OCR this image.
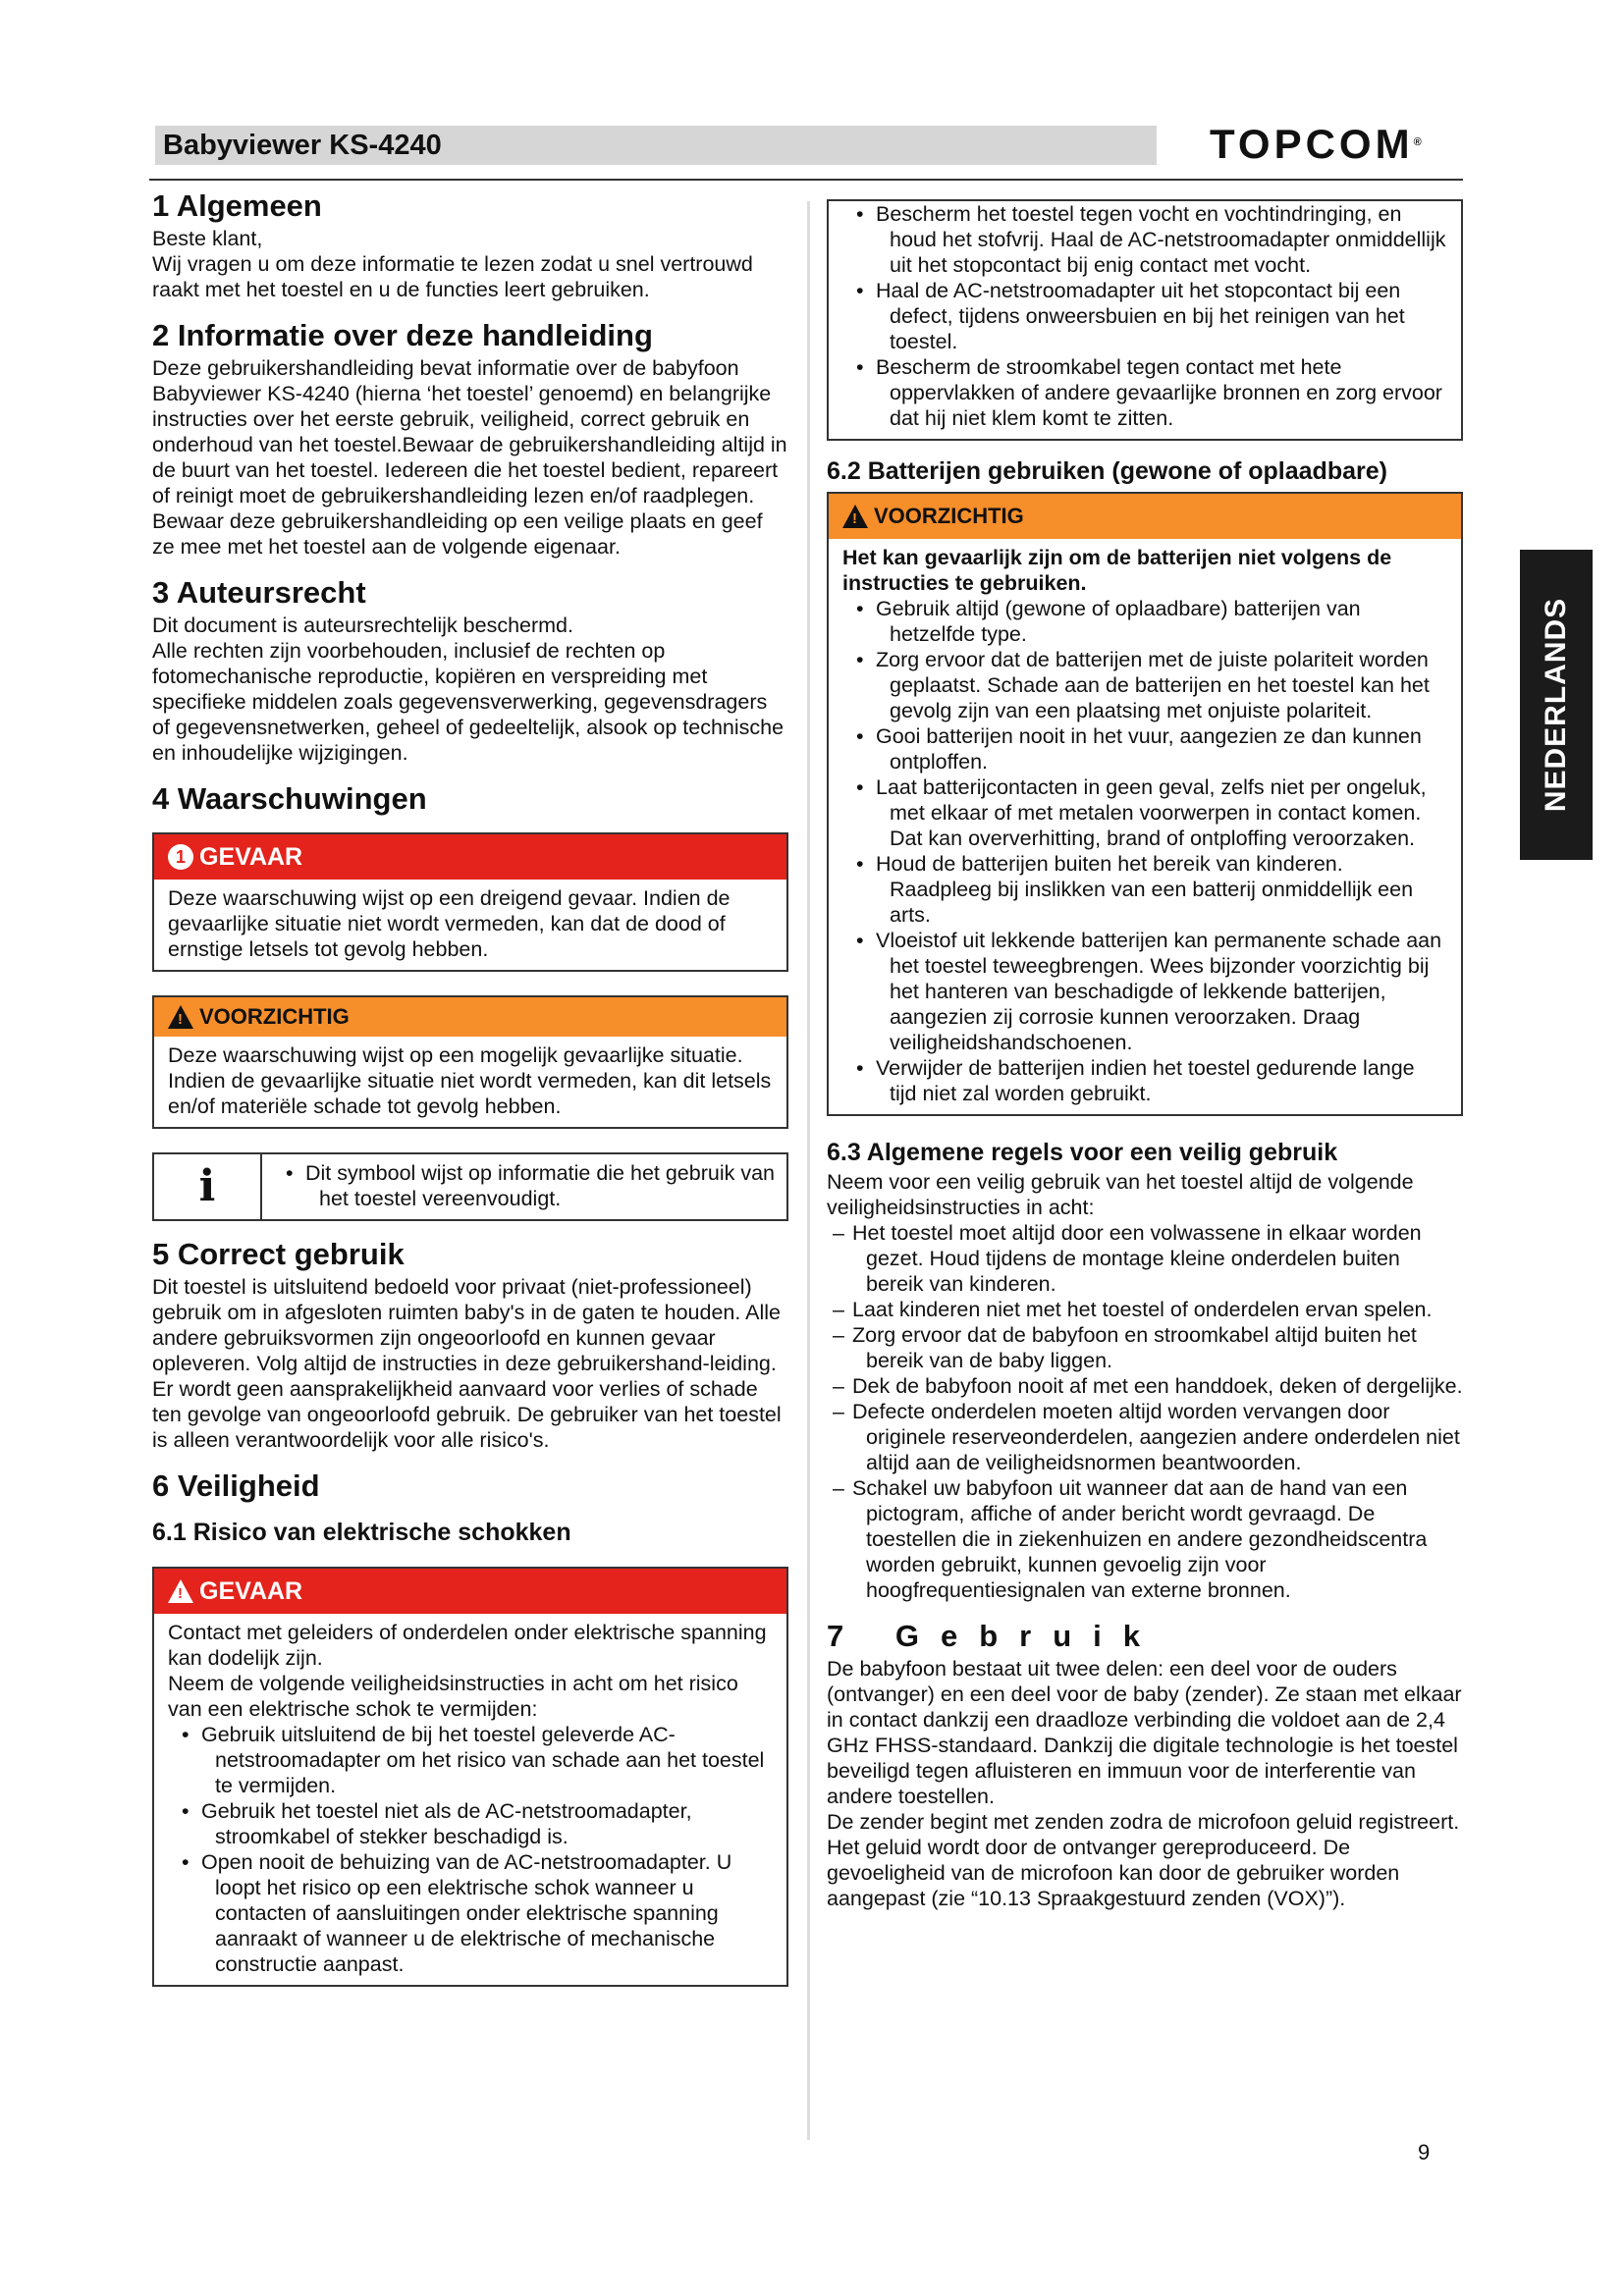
Babyviewer KS-4240	TOPCOM®
NEDERLANDS
1 Algemeen

Beste klant,

Wij vragen u om deze informatie te lezen zodat u snel vertrouwd raakt met het toestel en u de functies leert gebruiken.

2 Informatie over deze handleiding

Deze gebruikershandleiding bevat informatie over de babyfoon Babyviewer KS-4240 (hierna ‘het toestel’ genoemd) en belangrijke instructies over het eerste gebruik, veiligheid, correct gebruik en onderhoud van het toestel.Bewaar de gebruikershandleiding altijd in de buurt van het toestel. Iedereen die het toestel bedient, repareert of reinigt moet de gebruikershandleiding lezen en/of raadplegen. Bewaar deze gebruikershandleiding op een veilige plaats en geef ze mee met het toestel aan de volgende eigenaar.

3 Auteursrecht

Dit document is auteursrechtelijk beschermd.

Alle rechten zijn voorbehouden, inclusief de rechten op fotomechanische reproductie, kopiëren en verspreiding met specifieke middelen zoals gegevensverwerking, gegevensdragers of gegevensnetwerken, geheel of gedeeltelijk, alsook op technische en inhoudelijke wijzigingen.

4 Waarschuwingen
1 GEVAAR
Deze waarschuwing wijst op een dreigend gevaar. Indien de gevaarlijke situatie niet wordt vermeden, kan dat de dood of ernstige letsels tot gevolg hebben.
! VOORZICHTIG
Deze waarschuwing wijst op een mogelijk gevaarlijke situatie. Indien de gevaarlijke situatie niet wordt vermeden, kan dit letsels en/of materiële schade tot gevolg hebben.
i
•	Dit symbool wijst op informatie die het gebruik van het toestel vereenvoudigt.
5 Correct gebruik

Dit toestel is uitsluitend bedoeld voor privaat (niet-professioneel) gebruik om in afgesloten ruimten baby's in de gaten te houden. Alle andere gebruiksvormen zijn ongeoorloofd en kunnen gevaar opleveren. Volg altijd de instructies in deze gebruikershand-leiding. Er wordt geen aansprakelijkheid aanvaard voor verlies of schade ten gevolge van ongeoorloofd gebruik. De gebruiker van het toestel is alleen verantwoordelijk voor alle risico's.

6 Veiligheid
6.1 Risico van elektrische schokken
! GEVAAR

Contact met geleiders of onderdelen onder elektrische spanning kan dodelijk zijn.

Neem de volgende veiligheidsinstructies in acht om het risico van een elektrische schok te vermijden:

• Gebruik uitsluitend de bij het toestel geleverde AC-netstroomadapter om het risico van schade aan het toestel te vermijden.
• Gebruik het toestel niet als de AC-netstroomadapter, stroomkabel of stekker beschadigd is.
• Open nooit de behuizing van de AC-netstroomadapter. U loopt het risico op een elektrische schok wanneer u contacten of aansluitingen onder elektrische spanning aanraakt of wanneer u de elektrische of mechanische constructie aanpast.
• Bescherm het toestel tegen vocht en vochtindringing, en houd het stofvrij. Haal de AC-netstroomadapter onmiddellijk uit het stopcontact bij enig contact met vocht.
• Haal de AC-netstroomadapter uit het stopcontact bij een defect, tijdens onweersbuien en bij het reinigen van het toestel.
• Bescherm de stroomkabel tegen contact met hete oppervlakken of andere gevaarlijke bronnen en zorg ervoor dat hij niet klem komt te zitten.
6.2 Batterijen gebruiken (gewone of oplaadbare)
! VOORZICHTIG

Het kan gevaarlijk zijn om de batterijen niet volgens de instructies te gebruiken.

• Gebruik altijd (gewone of oplaadbare) batterijen van hetzelfde type.
• Zorg ervoor dat de batterijen met de juiste polariteit worden geplaatst. Schade aan de batterijen en het toestel kan het gevolg zijn van een plaatsing met onjuiste polariteit.
• Gooi batterijen nooit in het vuur, aangezien ze dan kunnen ontploffen.
• Laat batterijcontacten in geen geval, zelfs niet per ongeluk, met elkaar of met metalen voorwerpen in contact komen. Dat kan oververhitting, brand of ontploffing veroorzaken.
• Houd de batterijen buiten het bereik van kinderen. Raadpleeg bij inslikken van een batterij onmiddellijk een arts.
• Vloeistof uit lekkende batterijen kan permanente schade aan het toestel teweegbrengen. Wees bijzonder voorzichtig bij het hanteren van beschadigde of lekkende batterijen, aangezien zij corrosie kunnen veroorzaken. Draag veiligheidshandschoenen.
• Verwijder de batterijen indien het toestel gedurende lange tijd niet zal worden gebruikt.
6.3 Algemene regels voor een veilig gebruik

Neem voor een veilig gebruik van het toestel altijd de volgende veiligheidsinstructies in acht:

– Het toestel moet altijd door een volwassene in elkaar worden gezet. Houd tijdens de montage kleine onderdelen buiten bereik van kinderen.
– Laat kinderen niet met het toestel of onderdelen ervan spelen.
– Zorg ervoor dat de babyfoon en stroomkabel altijd buiten het bereik van de baby liggen.
– Dek de babyfoon nooit af met een handdoek, deken of dergelijke.
– Defecte onderdelen moeten altijd worden vervangen door originele reserveonderdelen, aangezien andere onderdelen niet altijd aan de veiligheidsnormen beantwoorden.
– Schakel uw babyfoon uit wanneer dat aan de hand van een pictogram, affiche of ander bericht wordt gevraagd. De toestellen die in ziekenhuizen en andere gezondheidscentra worden gebruikt, kunnen gevoelig zijn voor hoogfrequentiesignalen van externe bronnen.
7 Gebruik

De babyfoon bestaat uit twee delen: een deel voor de ouders (ontvanger) en een deel voor de baby (zender). Ze staan met elkaar in contact dankzij een draadloze verbinding die voldoet aan de 2,4 GHz FHSS-standaard. Dankzij die digitale technologie is het toestel beveiligd tegen afluisteren en immuun voor de interferentie van andere toestellen.

De zender begint met zenden zodra de microfoon geluid registreert. Het geluid wordt door de ontvanger gereproduceerd. De gevoeligheid van de microfoon kan door de gebruiker worden aangepast (zie “10.13 Spraakgestuurd zenden (VOX)”).

9
